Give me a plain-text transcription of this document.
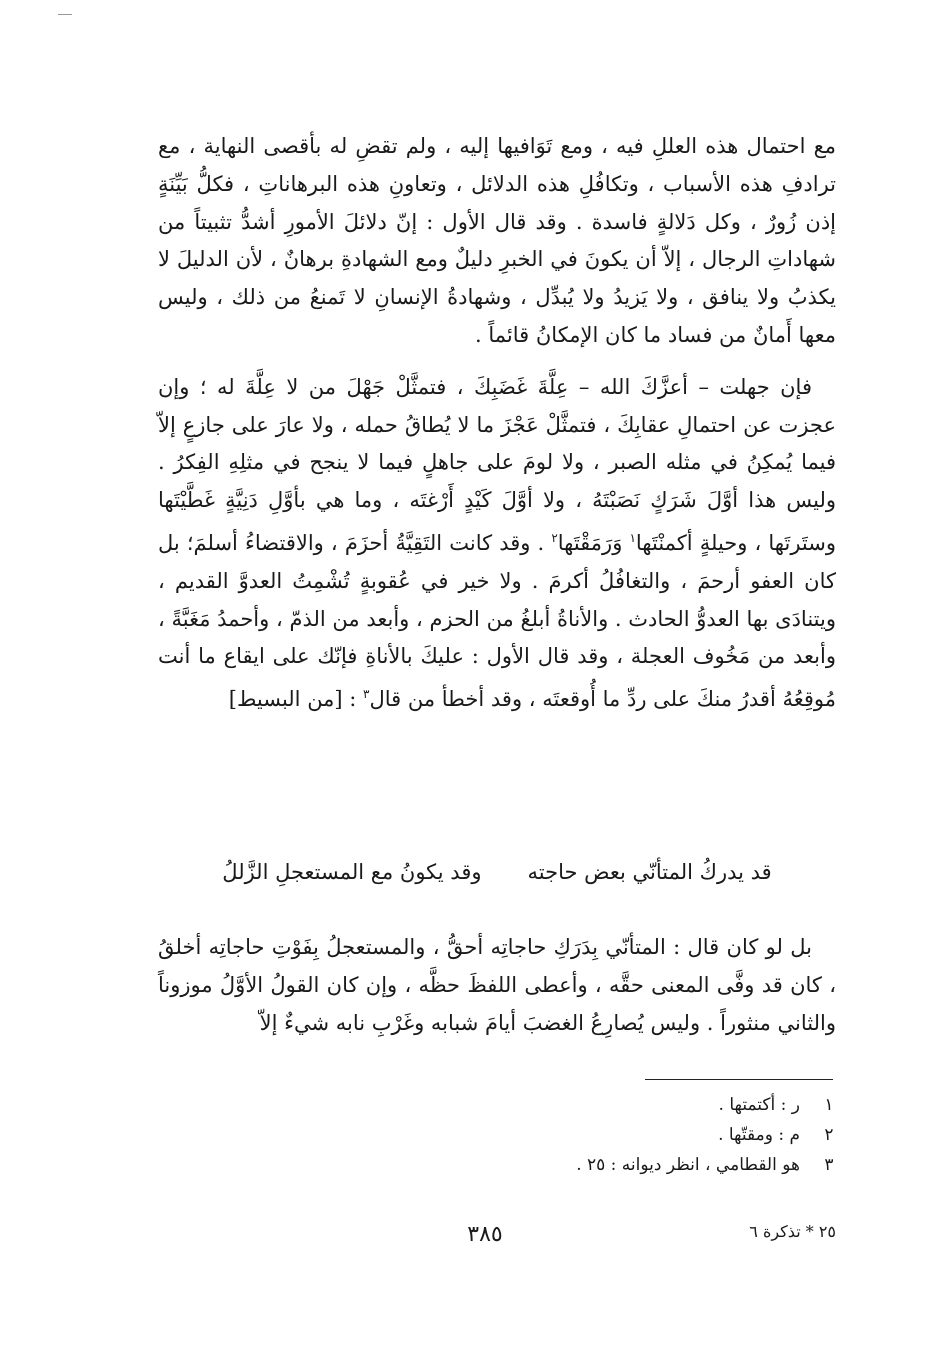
مع احتمال هذه العللِ فيه ، ومع تَوَافيها إليه ، ولم تقضِ له بأقصى النهاية ، مع ترادفِ هذه الأسباب ، وتكافُلِ هذه الدلائل ، وتعاونِ هذه البرهاناتِ ، فكلُّ بَيِّنَةٍ إذن زُورٌ ، وكل دَلالةٍ فاسدة . وقد قال الأول : إنّ دلائلَ الأمورِ أشدُّ تثبيتاً من شهاداتِ الرجال ، إلاّ أن يكونَ في الخبرِ دليلٌ ومع الشهادةِ برهانٌ ، لأن الدليلَ لا يكذبُ ولا ينافق ، ولا يَزيدُ ولا يُبدِّل ، وشهادةُ الإنسانِ لا تَمنعُ من ذلك ، وليس معها أَمانٌ من فساد ما كان الإمكانُ قائماً .

فإن جهلت – أعزَّكَ الله – عِلَّةَ غَضَبِكَ ، فتمثَّلْ جَهْلَ من لا عِلَّةَ له ؛ وإن عجزت عن احتمالِ عقابِكَ ، فتمثَّلْ عَجْزَ ما لا يُطاقُ حمله ، ولا عارَ على جازعٍ إلاّ فيما يُمكِنُ في مثله الصبر ، ولا لومَ على جاهلٍ فيما لا ينجح في مثلِهِ الفِكرُ . وليس هذا أوَّلَ شَرَكٍ نَصَبْتَهُ ، ولا أوَّلَ كَيْدٍ أَرْغتَه ، وما هي بأوَّلِ دَنِيَّةٍ غَطَّيْتَها وستَرتَها ، وحيلةٍ أكمنْتَها$^١$ وَرَمَقْتَها$^٢$ . وقد كانت التَقِيَّةُ أحزَمَ ، والاقتضاءُ أسلمَ؛ بل كان العفو أرحمَ ، والتغافُلُ أكرمَ . ولا خير في عُقوبةٍ تُشْمِتُ العدوَّ القديم ، ويتنادَى بها العدوُّ الحادث . والأناةُ أبلغُ من الحزم ، وأبعد من الذمّ ، وأحمدُ مَغَبَّةً ، وأبعد من مَخُوف العجلة ، وقد قال الأول : عليكَ بالأناةِ فإنّك على ايقاع ما أنت مُوقِعُهُ أقدرُ منكَ على ردِّ ما أُوقعتَه ، وقد أخطأ من قال$^٣$ : [من البسيط]

قد يدركُ المتأنّي بعض حاجته
وقد يكونُ مع المستعجلِ الزَّللُ

بل لو كان قال : المتأنّي بِدَرَكِ حاجاتِه أحقُّ ، والمستعجلُ بِفَوْتِ حاجاتِه أخلقُ ، كان قد وفَّى المعنى حقَّه ، وأعطى اللفظَ حظَّه ، وإن كان القولُ الأوَّلُ موزوناً والثاني منثوراً . وليس يُصارِعُ الغضبَ أيامَ شبابه وغَرْبِ نابه شيءٌ إلاّ

١
ر : أكتمتها .
٢
م : ومقتّها .
٣
هو القطامي ، انظر ديوانه : ٢٥ .
٣٨٥	٢٥ * تذكرة ٦
